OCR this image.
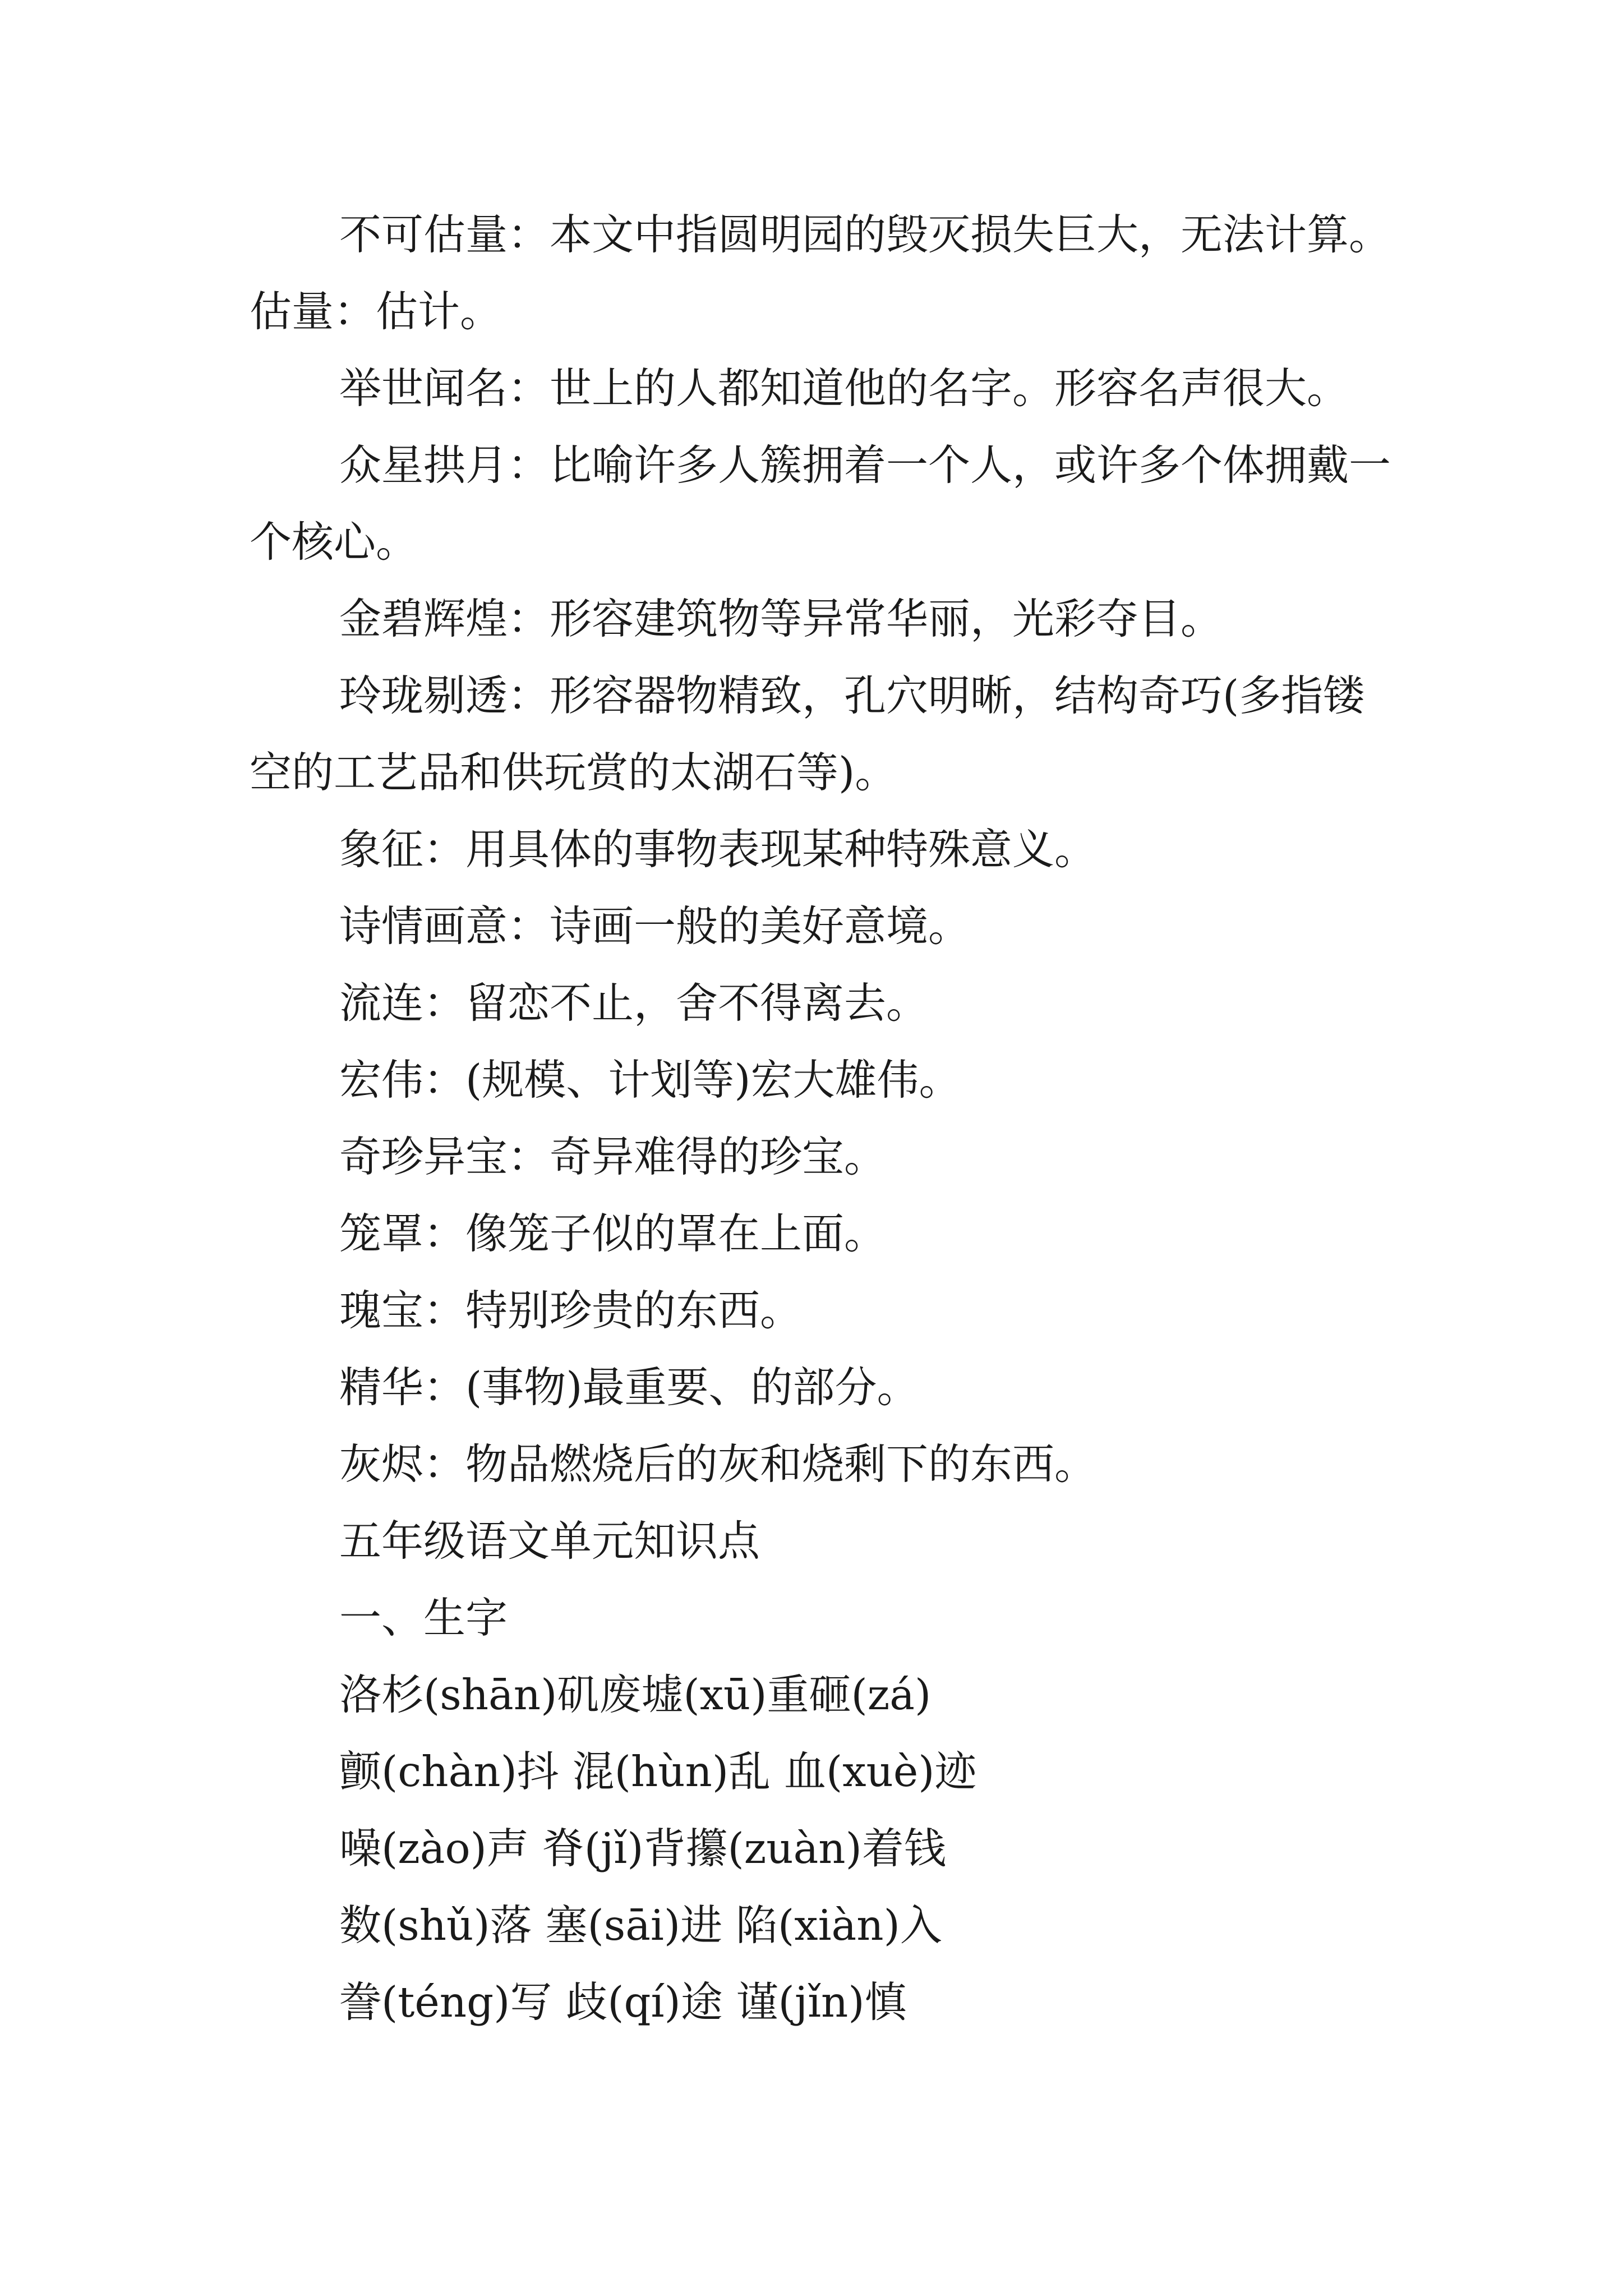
不可估量：本文中指圆明园的毁灭损失巨大，无法计算。估量：估计。

举世闻名：世上的人都知道他的名字。形容名声很大。

众星拱月：比喻许多人簇拥着一个人，或许多个体拥戴一个核心。

金碧辉煌：形容建筑物等异常华丽，光彩夺目。

玲珑剔透：形容器物精致，孔穴明晰，结构奇巧(多指镂空的工艺品和供玩赏的太湖石等)。

象征：用具体的事物表现某种特殊意义。

诗情画意：诗画一般的美好意境。

流连：留恋不止，舍不得离去。

宏伟：(规模、计划等)宏大雄伟。

奇珍异宝：奇异难得的珍宝。

笼罩：像笼子似的罩在上面。

瑰宝：特别珍贵的东西。

精华：(事物)最重要、的部分。

灰烬：物品燃烧后的灰和烧剩下的东西。

五年级语文单元知识点

一、生字

洛杉(shān)矶废墟(xū)重砸(zá)

颤(chàn)抖 混(hùn)乱 血(xuè)迹

噪(zào)声 脊(jǐ)背攥(zuàn)着钱

数(shǔ)落 塞(sāi)进 陷(xiàn)入

誊(téng)写 歧(qí)途 谨(jǐn)慎
